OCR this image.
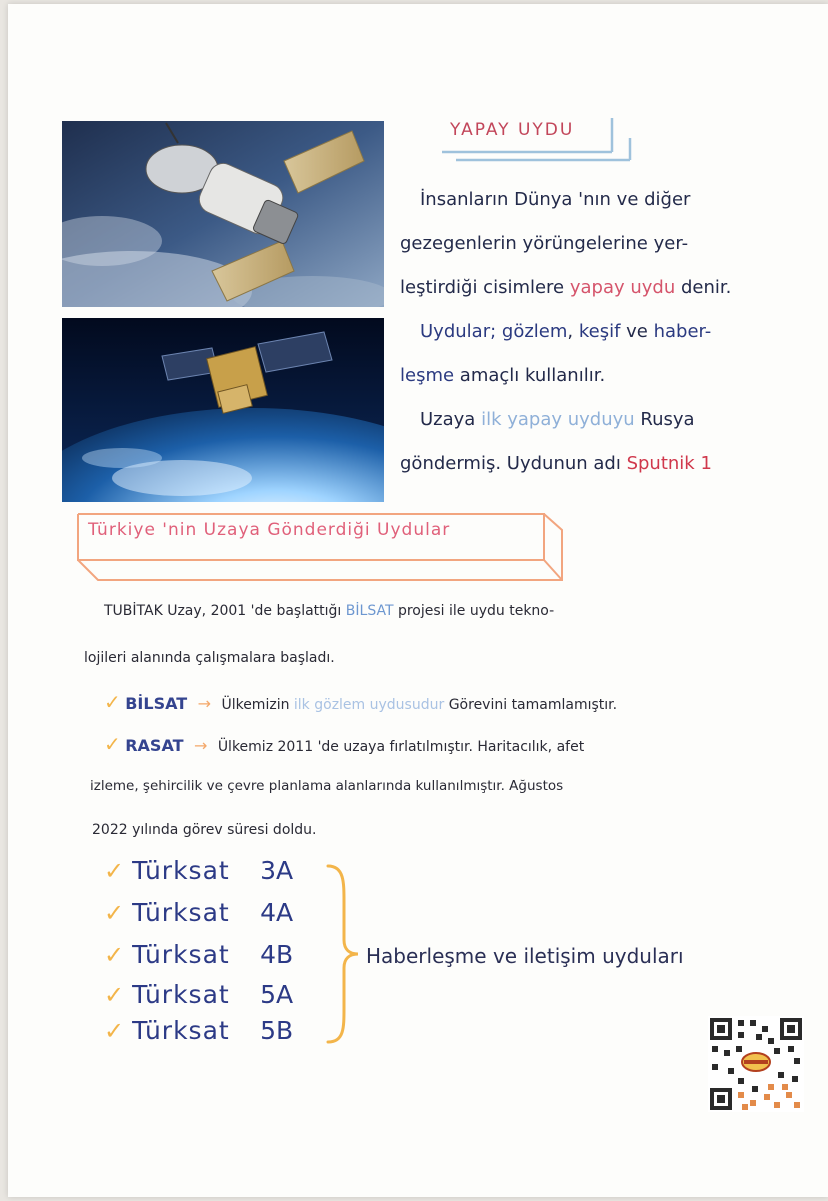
YAPAY UYDU
İnsanların Dünya 'nın ve diğer
gezegenlerin yörüngelerine yer-
leştirdiği cisimlere yapay uydu denir.
Uydular; gözlem, keşif ve haber-
leşme amaçlı kullanılır.
Uzaya ilk yapay uyduyu Rusya
göndermiş. Uydunun adı Sputnik 1
Türkiye 'nin Uzaya Gönderdiği Uydular
TUBİTAK Uzay, 2001 'de başlattığı BİLSAT projesi ile uydu tekno-
lojileri alanında çalışmalara başladı.
✓ BİLSAT → Ülkemizin ilk gözlem uydusudur Görevini tamamlamıştır.
✓ RASAT → Ülkemiz 2011 'de uzaya fırlatılmıştır. Haritacılık, afet
izleme, şehircilik ve çevre planlama alanlarında kullanılmıştır. Ağustos
2022 yılında görev süresi doldu.
✓ Türksat 3A
✓ Türksat 4A
✓ Türksat 4B
✓ Türksat 5A
✓ Türksat 5B
Haberleşme ve iletişim uyduları
